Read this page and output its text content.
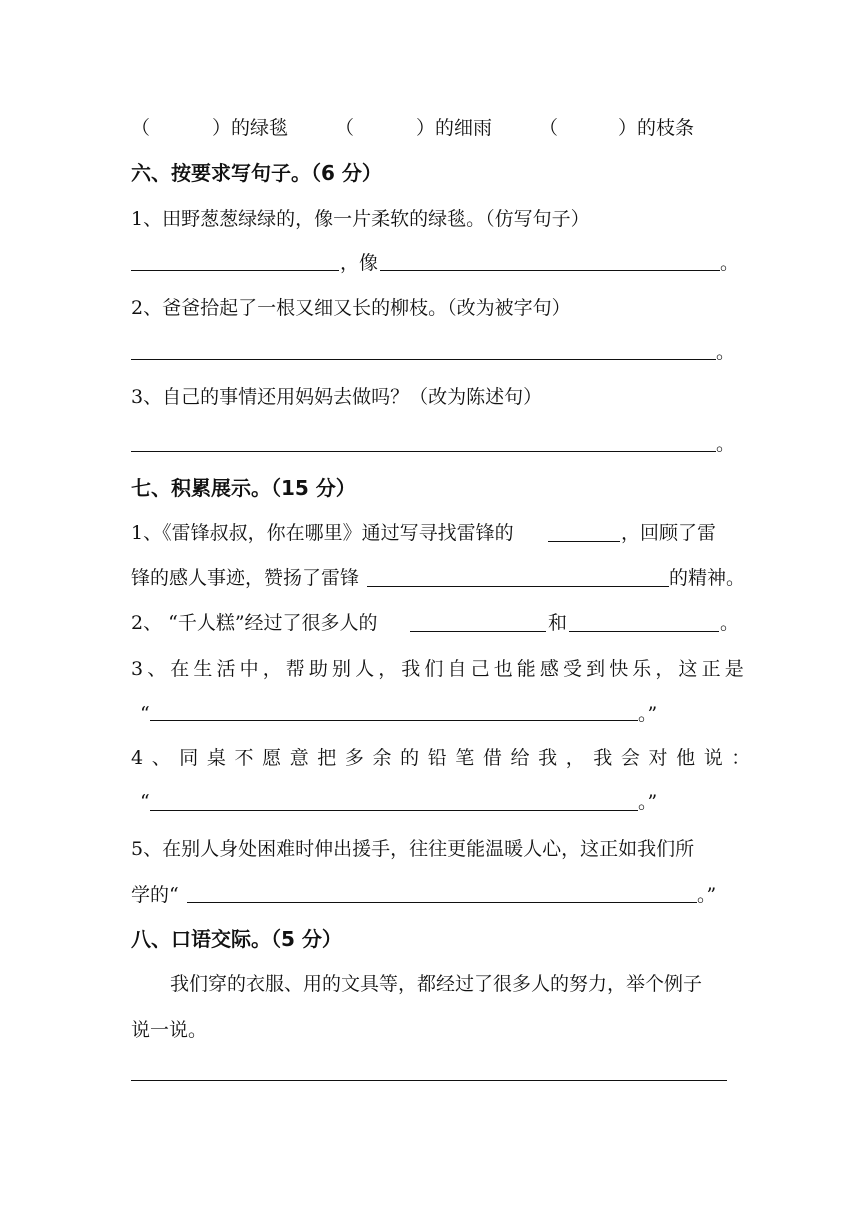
（	）的绿毯 （	）的细雨 （	）的枝条
六、按要求写句子。（6 分）
1、田野葱葱绿绿的，像一片柔软的绿毯。（仿写句子）
，像	。
2、爸爸拾起了一根又细又长的柳枝。（改为被字句）
。
3、自己的事情还用妈妈去做吗？（改为陈述句）
。
七、积累展示。（15 分）
1、《雷锋叔叔，你在哪里》通过写寻找雷锋的	，回顾了雷
锋的感人事迹，赞扬了雷锋	的精神。
2、 “千人糕”经过了很多人的	和	。
3、在生活中，帮助别人，我们自己也能感受到快乐，这正是
“	。”
4、同桌不愿意把多余的铅笔借给我，我会对他说：
“	。”
5、在别人身处困难时伸出援手，往往更能温暖人心，这正如我们所
学的“	。”
八、口语交际。（5 分）
我们穿的衣服、用的文具等，都经过了很多人的努力，举个例子
说一说。
